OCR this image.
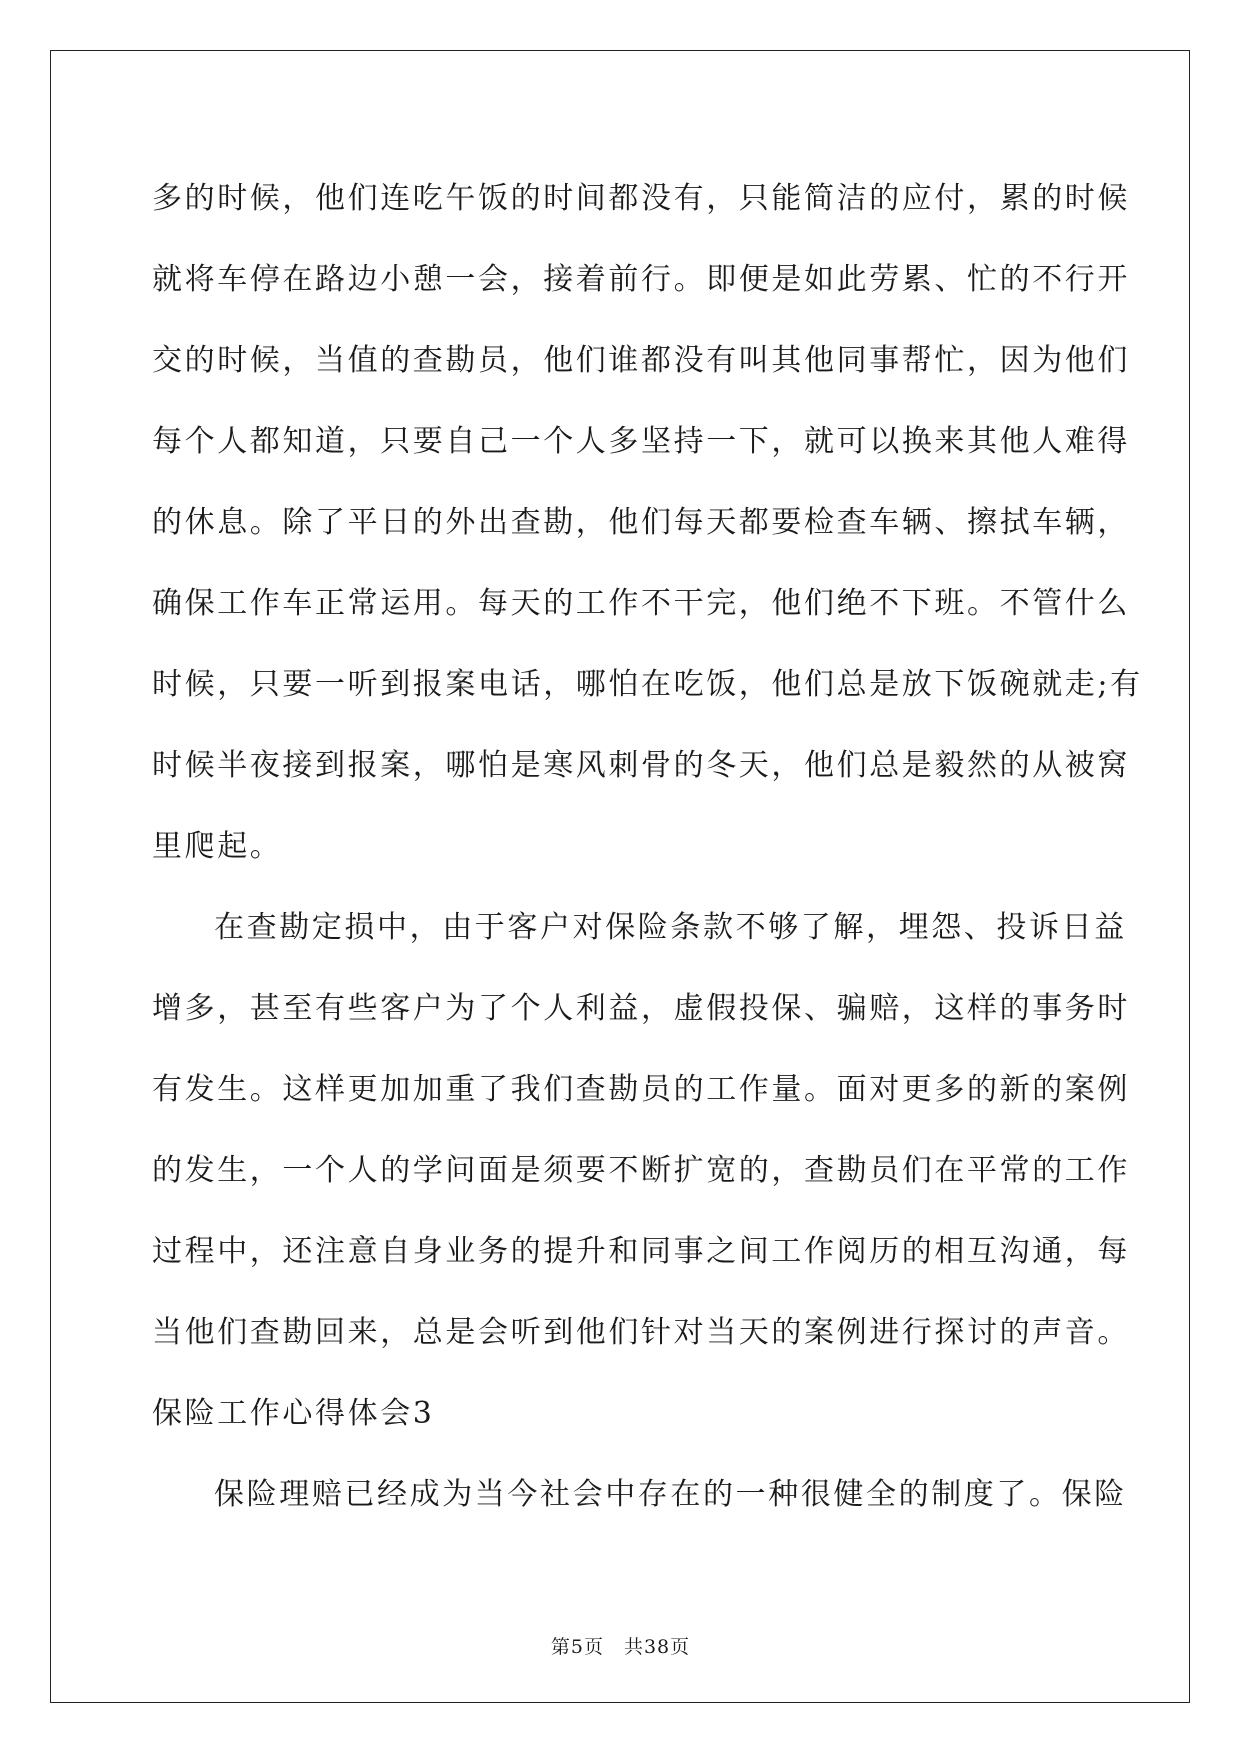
多的时候，他们连吃午饭的时间都没有，只能简洁的应付，累的时候
就将车停在路边小憩一会，接着前行。即便是如此劳累、忙的不行开
交的时候，当值的查勘员，他们谁都没有叫其他同事帮忙，因为他们
每个人都知道，只要自己一个人多坚持一下，就可以换来其他人难得
的休息。除了平日的外出查勘，他们每天都要检查车辆、擦拭车辆，
确保工作车正常运用。每天的工作不干完，他们绝不下班。不管什么
时候，只要一听到报案电话，哪怕在吃饭，他们总是放下饭碗就走;有
时候半夜接到报案，哪怕是寒风刺骨的冬天，他们总是毅然的从被窝
里爬起。
在查勘定损中，由于客户对保险条款不够了解，埋怨、投诉日益
增多，甚至有些客户为了个人利益，虚假投保、骗赔，这样的事务时
有发生。这样更加加重了我们查勘员的工作量。面对更多的新的案例
的发生，一个人的学问面是须要不断扩宽的，查勘员们在平常的工作
过程中，还注意自身业务的提升和同事之间工作阅历的相互沟通，每
当他们查勘回来，总是会听到他们针对当天的案例进行探讨的声音。
保险工作心得体会3
保险理赔已经成为当今社会中存在的一种很健全的制度了。保险
第5页　共38页
